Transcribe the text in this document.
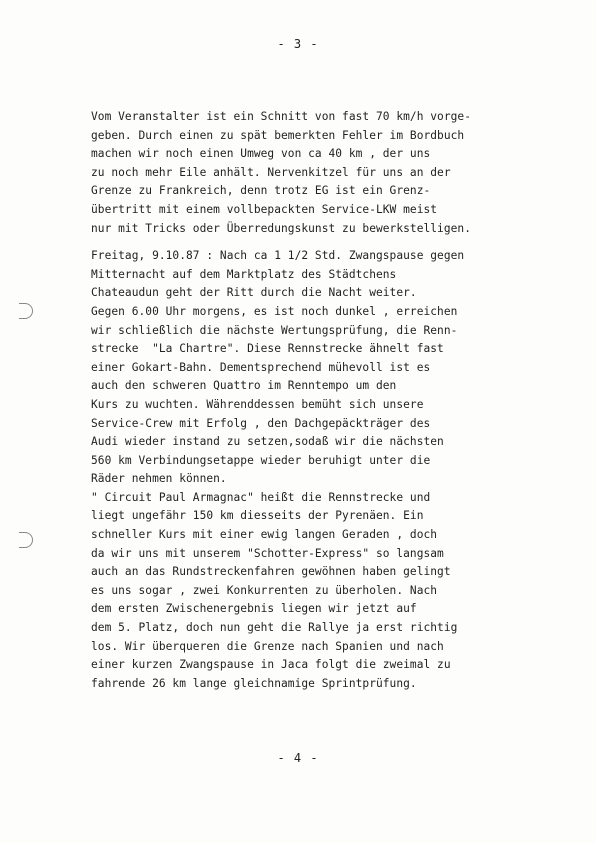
- 3 -
Vom Veranstalter ist ein Schnitt von fast 70 km/h vorge-
geben. Durch einen zu spät bemerkten Fehler im Bordbuch
machen wir noch einen Umweg von ca 40 km , der uns
zu noch mehr Eile anhält. Nervenkitzel für uns an der
Grenze zu Frankreich, denn trotz EG ist ein Grenz-
übertritt mit einem vollbepackten Service-LKW meist
nur mit Tricks oder Überredungskunst zu bewerkstelligen.
Freitag, 9.10.87 : Nach ca 1 1/2 Std. Zwangspause gegen
Mitternacht auf dem Marktplatz des Städtchens
Chateaudun geht der Ritt durch die Nacht weiter.
Gegen 6.00 Uhr morgens, es ist noch dunkel , erreichen
wir schließlich die nächste Wertungsprüfung, die Renn-
strecke  "La Chartre". Diese Rennstrecke ähnelt fast
einer Gokart-Bahn. Dementsprechend mühevoll ist es
auch den schweren Quattro im Renntempo um den
Kurs zu wuchten. Währenddessen bemüht sich unsere
Service-Crew mit Erfolg , den Dachgepäckträger des
Audi wieder instand zu setzen,sodaß wir die nächsten
560 km Verbindungsetappe wieder beruhigt unter die
Räder nehmen können.
" Circuit Paul Armagnac" heißt die Rennstrecke und
liegt ungefähr 150 km diesseits der Pyrenäen. Ein
schneller Kurs mit einer ewig langen Geraden , doch
da wir uns mit unserem "Schotter-Express" so langsam
auch an das Rundstreckenfahren gewöhnen haben gelingt
es uns sogar , zwei Konkurrenten zu überholen. Nach
dem ersten Zwischenergebnis liegen wir jetzt auf
dem 5. Platz, doch nun geht die Rallye ja erst richtig
los. Wir überqueren die Grenze nach Spanien und nach
einer kurzen Zwangspause in Jaca folgt die zweimal zu
fahrende 26 km lange gleichnamige Sprintprüfung.
- 4 -
